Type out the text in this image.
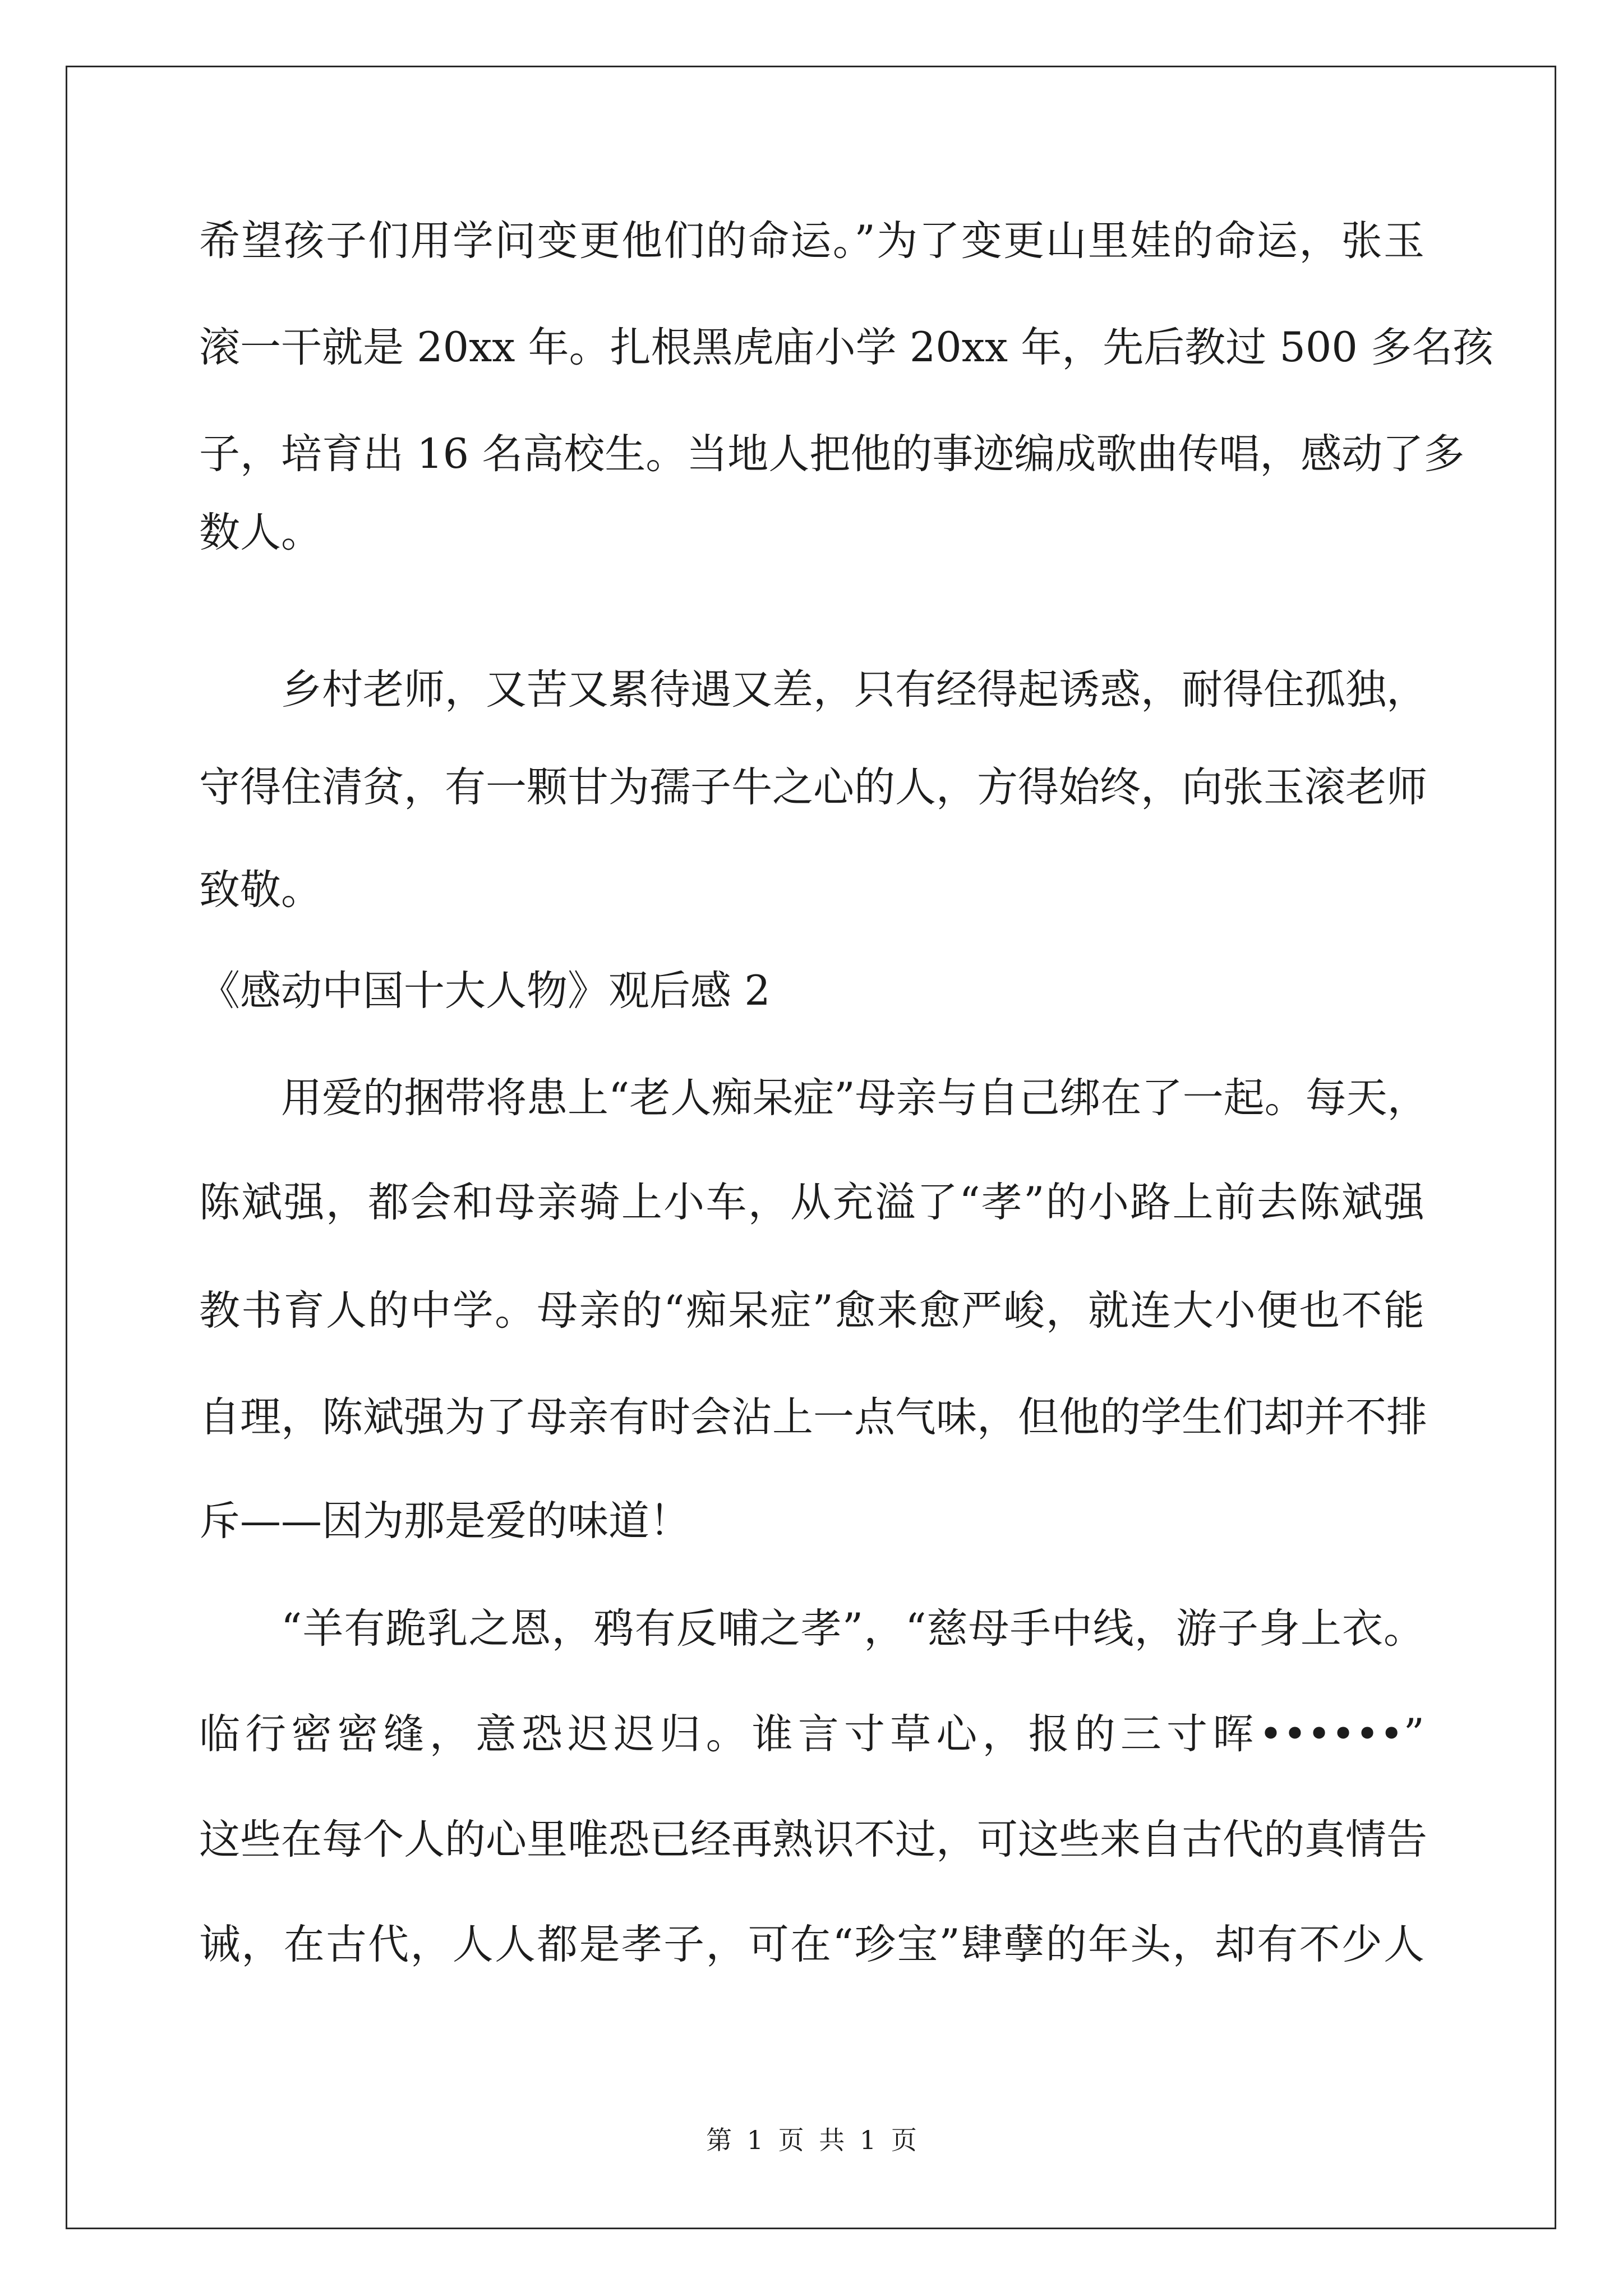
希望孩子们用学问变更他们的命运。”为了变更山里娃的命运，张玉
滚一干就是 20xx 年。扎根黑虎庙小学 20xx 年，先后教过 500 多名孩
子，培育出 16 名高校生。当地人把他的事迹编成歌曲传唱，感动了多
数人。
乡村老师，又苦又累待遇又差，只有经得起诱惑，耐得住孤独，
守得住清贫，有一颗甘为孺子牛之心的人，方得始终，向张玉滚老师
致敬。
《感动中国十大人物》观后感 2
用爱的捆带将患上“老人痴呆症”母亲与自己绑在了一起。每天，
陈斌强，都会和母亲骑上小车，从充溢了“孝”的小路上前去陈斌强
教书育人的中学。母亲的“痴呆症”愈来愈严峻，就连大小便也不能
自理，陈斌强为了母亲有时会沾上一点气味，但他的学生们却并不排
斥——因为那是爱的味道！
“羊有跪乳之恩，鸦有反哺之孝”，“慈母手中线，游子身上衣。
临行密密缝，意恐迟迟归。谁言寸草心，报的三寸晖••••••”
这些在每个人的心里唯恐已经再熟识不过，可这些来自古代的真情告
诫，在古代，人人都是孝子，可在“珍宝”肆孽的年头，却有不少人
第 1 页 共 1 页
